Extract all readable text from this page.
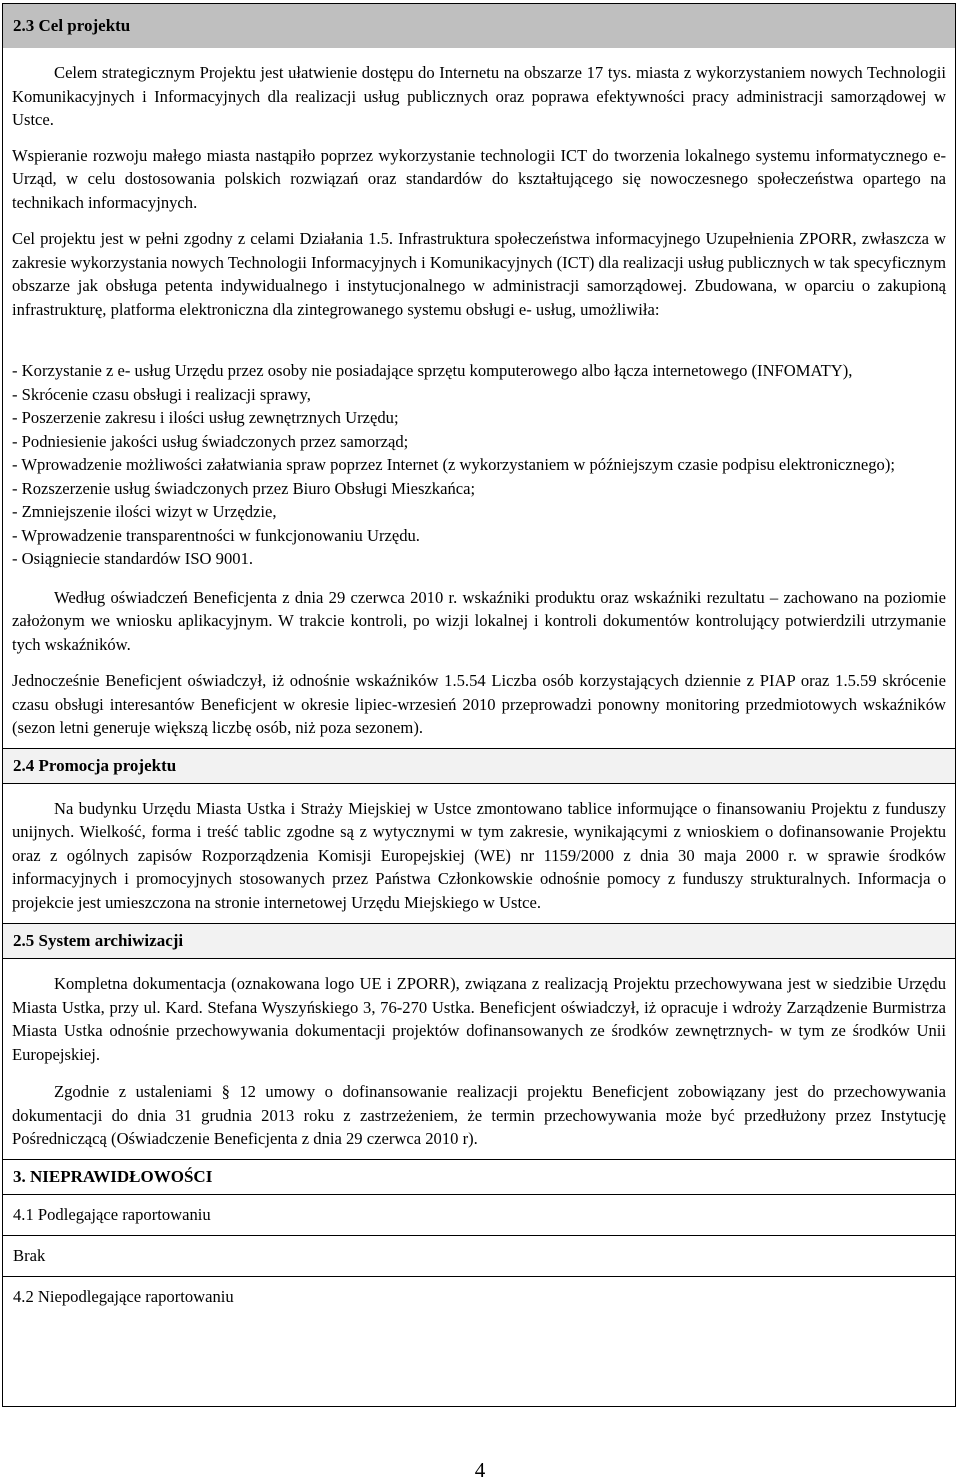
2.3 Cel projektu

Celem strategicznym Projektu jest ułatwienie dostępu do Internetu na obszarze 17 tys. miasta z wykorzystaniem nowych Technologii Komunikacyjnych i Informacyjnych dla realizacji usług publicznych oraz poprawa efektywności pracy administracji samorządowej w Ustce.

Wspieranie rozwoju małego miasta nastąpiło poprzez wykorzystanie technologii ICT do tworzenia lokalnego systemu informatycznego e-Urząd, w celu dostosowania polskich rozwiązań oraz standardów do kształtującego się nowoczesnego społeczeństwa opartego na technikach informacyjnych.

Cel projektu jest w pełni zgodny z celami Działania 1.5. Infrastruktura społeczeństwa informacyjnego Uzupełnienia ZPORR, zwłaszcza w zakresie wykorzystania nowych Technologii Informacyjnych i Komunikacyjnych (ICT) dla realizacji usług publicznych w tak specyficznym obszarze jak obsługa petenta indywidualnego i instytucjonalnego w administracji samorządowej. Zbudowana, w oparciu o zakupioną infrastrukturę, platforma elektroniczna dla zintegrowanego systemu obsługi e- usług, umożliwiła:

- Korzystanie z e- usług Urzędu przez osoby nie posiadające sprzętu komputerowego albo łącza internetowego (INFOMATY),
- Skrócenie czasu obsługi i realizacji sprawy,
- Poszerzenie zakresu i ilości usług zewnętrznych Urzędu;
- Podniesienie jakości usług świadczonych przez samorząd;
- Wprowadzenie możliwości załatwiania spraw poprzez Internet (z wykorzystaniem w późniejszym czasie podpisu elektronicznego);
- Rozszerzenie usług świadczonych przez Biuro Obsługi Mieszkańca;
- Zmniejszenie ilości wizyt w Urzędzie,
- Wprowadzenie transparentności w funkcjonowaniu Urzędu.
- Osiągniecie standardów ISO 9001.

Według oświadczeń Beneficjenta z dnia 29 czerwca 2010 r. wskaźniki produktu oraz wskaźniki rezultatu – zachowano na poziomie założonym we wniosku aplikacyjnym. W trakcie kontroli, po wizji lokalnej i kontroli dokumentów kontrolujący potwierdzili utrzymanie tych wskaźników.

Jednocześnie Beneficjent oświadczył, iż odnośnie wskaźników 1.5.54 Liczba osób korzystających dziennie z PIAP oraz 1.5.59 skrócenie czasu obsługi interesantów Beneficjent w okresie lipiec-wrzesień 2010 przeprowadzi ponowny monitoring przedmiotowych wskaźników (sezon letni generuje większą liczbę osób, niż poza sezonem).

2.4
Promocja projektu

Na budynku Urzędu Miasta Ustka i Straży Miejskiej w Ustce zmontowano tablice informujące o finansowaniu Projektu z funduszy unijnych. Wielkość, forma i treść tablic zgodne są z wytycznymi w tym zakresie, wynikającymi z wnioskiem o dofinansowanie Projektu oraz z ogólnych zapisów Rozporządzenia Komisji Europejskiej (WE) nr 1159/2000 z dnia 30 maja 2000 r. w sprawie środków informacyjnych i promocyjnych stosowanych przez Państwa Członkowskie odnośnie pomocy z funduszy strukturalnych. Informacja o projekcie jest umieszczona na stronie internetowej Urzędu Miejskiego w Ustce.

2.5
System archiwizacji

Kompletna dokumentacja (oznakowana logo UE i ZPORR), związana z realizacją Projektu przechowywana jest w siedzibie Urzędu Miasta Ustka, przy ul. Kard. Stefana Wyszyńskiego 3, 76-270 Ustka. Beneficjent oświadczył, iż opracuje i wdroży Zarządzenie Burmistrza Miasta Ustka odnośnie przechowywania dokumentacji projektów dofinansowanych ze środków zewnętrznych- w tym ze środków Unii Europejskiej.

Zgodnie z ustaleniami § 12 umowy o dofinansowanie realizacji projektu Beneficjent zobowiązany jest do przechowywania dokumentacji do dnia 31 grudnia 2013 roku z zastrzeżeniem, że termin przechowywania może być przedłużony przez Instytucję Pośredniczącą (Oświadczenie Beneficjenta z dnia 29 czerwca 2010 r).

3. NIEPRAWIDŁOWOŚCI
4.1 Podlegające raportowaniu
Brak
4.2 Niepodlegające raportowaniu
4
